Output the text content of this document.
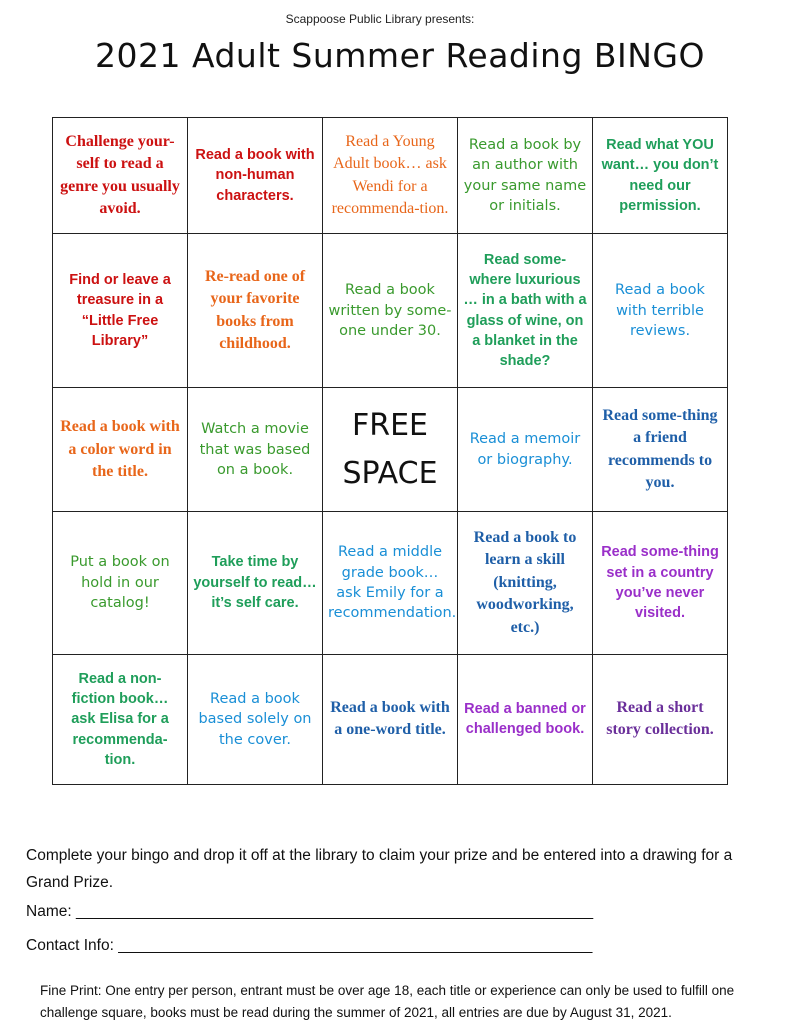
Scappoose Public Library presents:
2021 Adult Summer Reading BINGO
Challenge your-self to read a genre you usually avoid.	Read a book with non-human characters.	Read a Young Adult book… ask Wendi for a recommenda-tion.	Read a book by an author with your same name or initials.	Read what YOU want… you don’t need our permission.

Find or leave a treasure in a “Little Free Library”	Re-read one of your favorite books from childhood.	Read a book written by some-one under 30.	Read some-where luxurious … in a bath with a glass of wine, on a blanket in the shade?	Read a book with terrible reviews.

Read a book with a color word in the title.	Watch a movie that was based on a book.	FREE SPACE	Read a memoir or biography.	Read some-thing a friend recommends to you.

Put a book on hold in our catalog!	Take time by yourself to read… it’s self care.	Read a middle grade book… ask Emily for a recommendation.	Read a book to learn a skill (knitting, woodworking, etc.)	Read some-thing set in a country you’ve never visited.

Read a non-fiction book… ask Elisa for a recommenda-tion.	Read a book based solely on the cover.	Read a book with a one-word title.	Read a banned or challenged book.	Read a short story collection.
Complete your bingo and drop it off at the library to claim your prize and be entered into a drawing for a Grand Prize.
Name: ____________________________________________________________
Contact Info: _______________________________________________________
Fine Print: One entry per person, entrant must be over age 18, each title or experience can only be used to fulfill one challenge square, books must be read during the summer of 2021, all entries are due by August 31, 2021.
